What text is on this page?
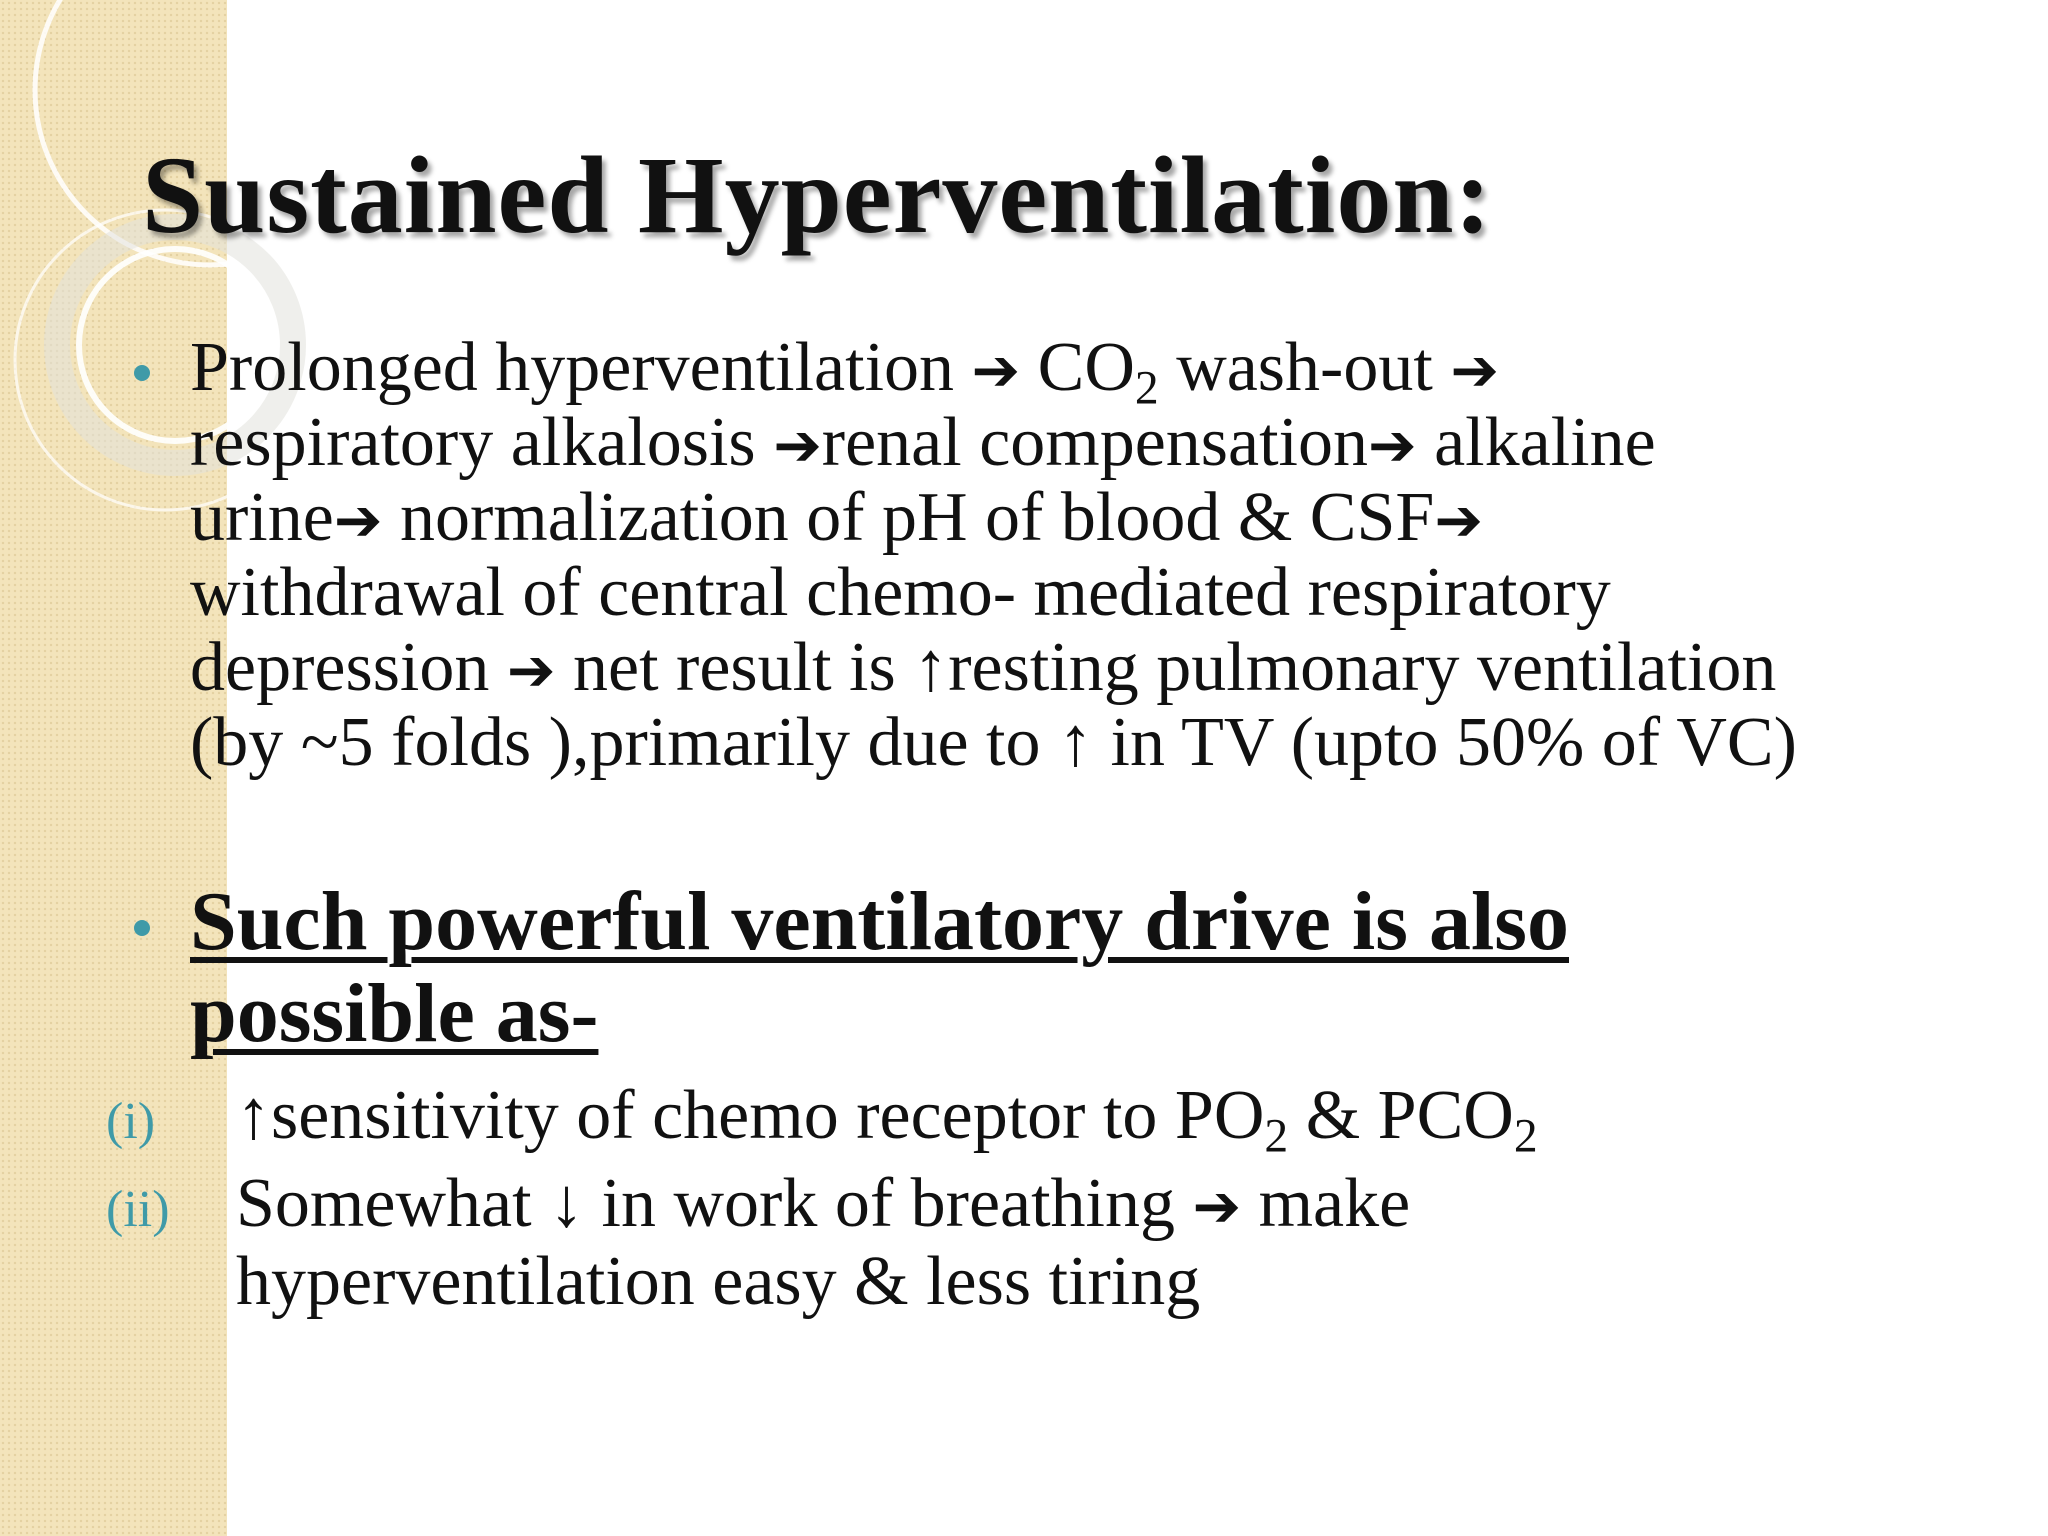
Sustained Hyperventilation:
Prolonged hyperventilation ➔ $CO_2$ wash-out ➔
respiratory alkalosis ➔renal compensation➔ alkaline
urine➔ normalization of pH of blood & CSF➔
withdrawal of central chemo- mediated respiratory
depression ➔ net result is ↑resting pulmonary ventilation
(by ~5 folds ),primarily due to ↑ in TV (upto 50% of VC)
Such powerful ventilatory drive is also
possible as-
(i) ↑sensitivity of chemo receptor to $PO_2$ & $PCO_2$
(ii) Somewhat ↓ in work of breathing ➔ make
hyperventilation easy & less tiring
